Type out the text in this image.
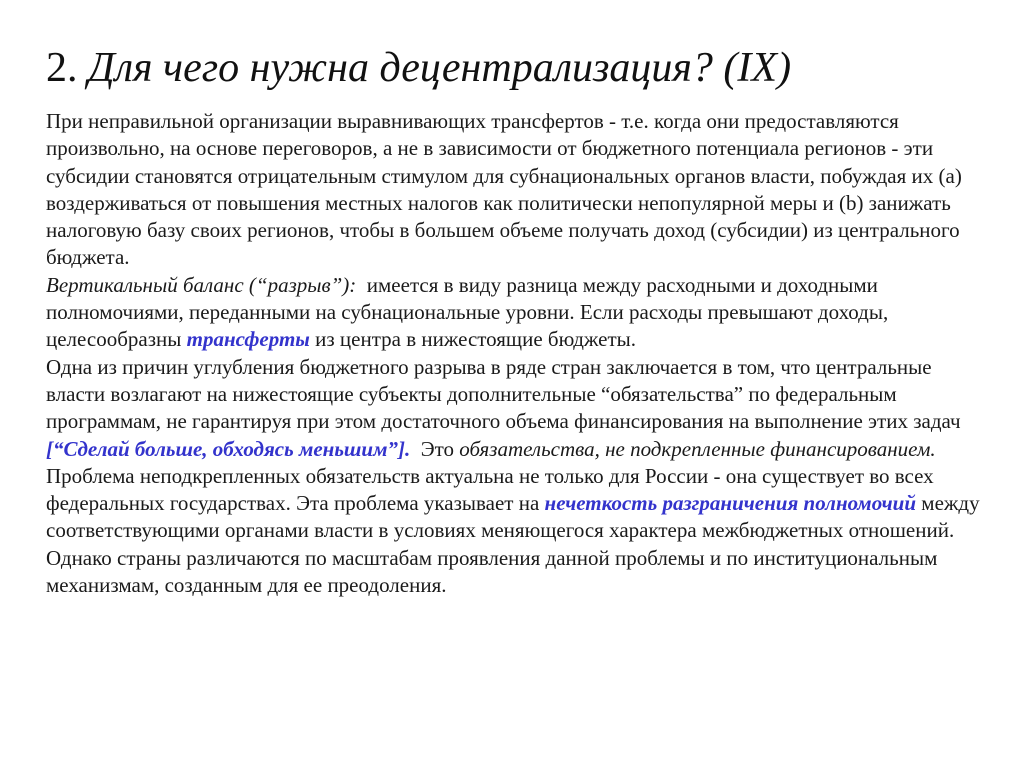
2. Для чего нужна децентрализация? (IX)

При неправильной организации выравнивающих трансфертов - т.е. когда они предоставляются произвольно, на основе переговоров, а не в зависимости от бюджетного потенциала регионов - эти субсидии становятся отрицательным стимулом для субнациональных органов власти, побуждая их (а) воздерживаться от повышения местных налогов как политически непопулярной меры и (b) занижать налоговую базу своих регионов, чтобы в большем объеме получать доход (субсидии) из центрального бюджета.

Вертикальный баланс (“разрыв”): имеется в виду разница между расходными и доходными полномочиями, переданными на субнациональные уровни. Если расходы превышают доходы, целесообразны трансферты из центра в нижестоящие бюджеты.

Одна из причин углубления бюджетного разрыва в ряде стран заключается в том, что центральные власти возлагают на нижестоящие субъекты дополнительные “обязательства” по федеральным программам, не гарантируя при этом достаточного объема финансирования на выполнение этих задач [“Сделай больше, обходясь меньшим”]. Это обязательства, не подкрепленные финансированием.

Проблема неподкрепленных обязательств актуальна не только для России - она существует во всех федеральных государствах. Эта проблема указывает на нечеткость разграничения полномочий между соответствующими органами власти в условиях меняющегося характера межбюджетных отношений. Однако страны различаются по масштабам проявления данной проблемы и по институциональным механизмам, созданным для ее преодоления.
